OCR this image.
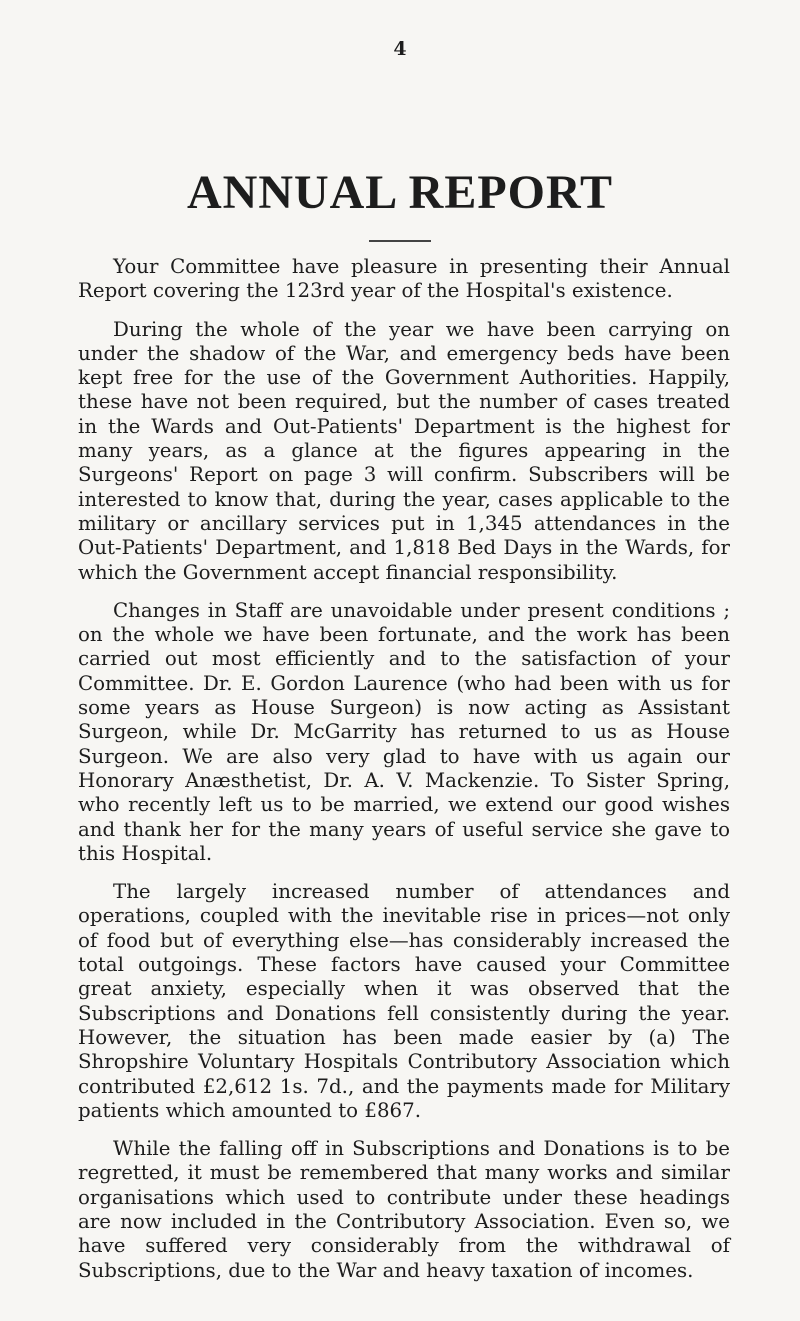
4
ANNUAL REPORT

Your Committee have pleasure in presenting their Annual Report covering the 123rd year of the Hospital's existence.

During the whole of the year we have been carrying on under the shadow of the War, and emergency beds have been kept free for the use of the Government Authorities. Happily, these have not been required, but the number of cases treated in the Wards and Out-Patients' Department is the highest for many years, as a glance at the figures appearing in the Surgeons' Report on page 3 will confirm. Subscribers will be interested to know that, during the year, cases applicable to the military or ancillary services put in 1,345 attendances in the Out-Patients' Department, and 1,818 Bed Days in the Wards, for which the Government accept financial responsibility.

Changes in Staff are unavoidable under present conditions ; on the whole we have been fortunate, and the work has been carried out most efficiently and to the satisfaction of your Committee. Dr. E. Gordon Laurence (who had been with us for some years as House Surgeon) is now acting as Assistant Surgeon, while Dr. McGarrity has returned to us as House Surgeon. We are also very glad to have with us again our Honorary Anæsthetist, Dr. A. V. Mackenzie. To Sister Spring, who recently left us to be married, we extend our good wishes and thank her for the many years of useful service she gave to this Hospital.

The largely increased number of attendances and operations, coupled with the inevitable rise in prices—not only of food but of everything else—has considerably increased the total outgoings. These factors have caused your Committee great anxiety, especially when it was observed that the Subscriptions and Donations fell consistently during the year. However, the situation has been made easier by (a) The Shropshire Voluntary Hospitals Contributory Association which contributed £2,612 1s. 7d., and the payments made for Military patients which amounted to £867.

While the falling off in Subscriptions and Donations is to be regretted, it must be remembered that many works and similar organisations which used to contribute under these headings are now included in the Contributory Association. Even so, we have suffered very considerably from the withdrawal of Subscriptions, due to the War and heavy taxation of incomes.
